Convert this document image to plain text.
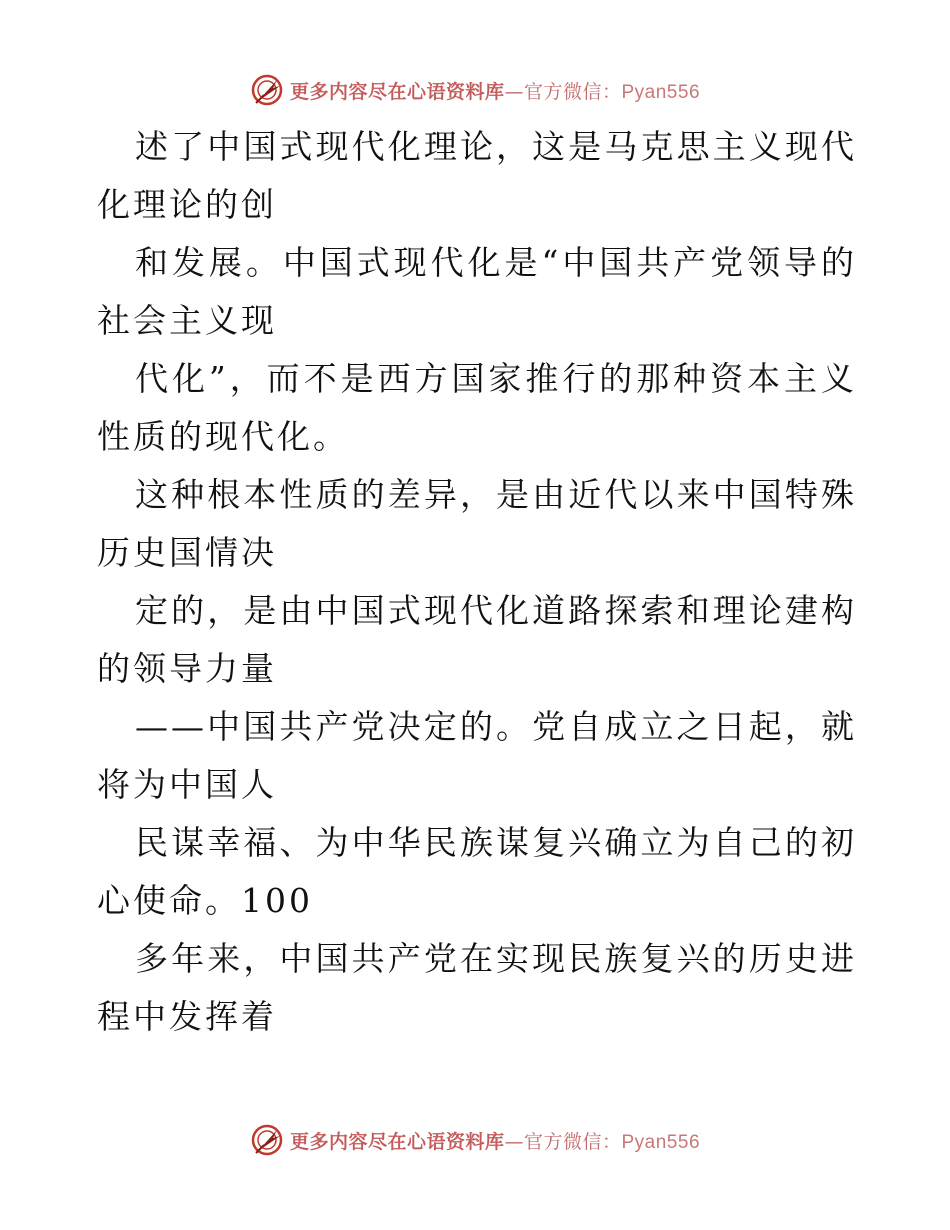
更多内容尽在心语资料库—官方微信：Pyan556

述了中国式现代化理论，这是马克思主义现代化理论的创

和发展。中国式现代化是“中国共产党领导的社会主义现

代化”，而不是西方国家推行的那种资本主义性质的现代化。

这种根本性质的差异，是由近代以来中国特殊历史国情决

定的，是由中国式现代化道路探索和理论建构的领导力量

——中国共产党决定的。党自成立之日起，就将为中国人

民谋幸福、为中华民族谋复兴确立为自己的初心使命。100

多年来，中国共产党在实现民族复兴的历史进程中发挥着

更多内容尽在心语资料库—官方微信：Pyan556
